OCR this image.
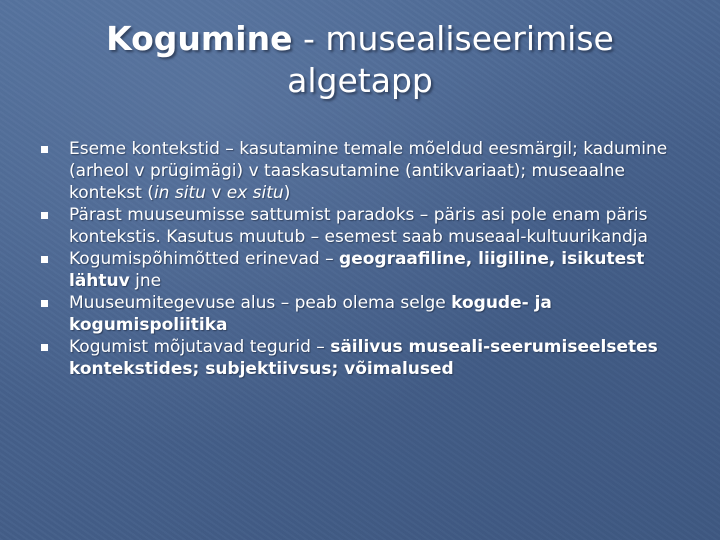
Kogumine - musealiseerimise
algetapp
Eseme kontekstid – kasutamine temale mõeldud eesmärgil; kadumine (arheol v prügimägi) v taaskasutamine (antikvariaat); museaalne kontekst (in situ v ex situ)
Pärast muuseumisse sattumist paradoks – päris asi pole enam päris kontekstis. Kasutus muutub – esemest saab museaal-kultuurikandja
Kogumispõhimõtted erinevad – geograafiline, liigiline, isikutest lähtuv jne
Muuseumitegevuse alus – peab olema selge kogude- ja kogumispoliitika
Kogumist mõjutavad tegurid – säilivus museali-seerumiseelsetes kontekstides; subjektiivsus; võimalused
